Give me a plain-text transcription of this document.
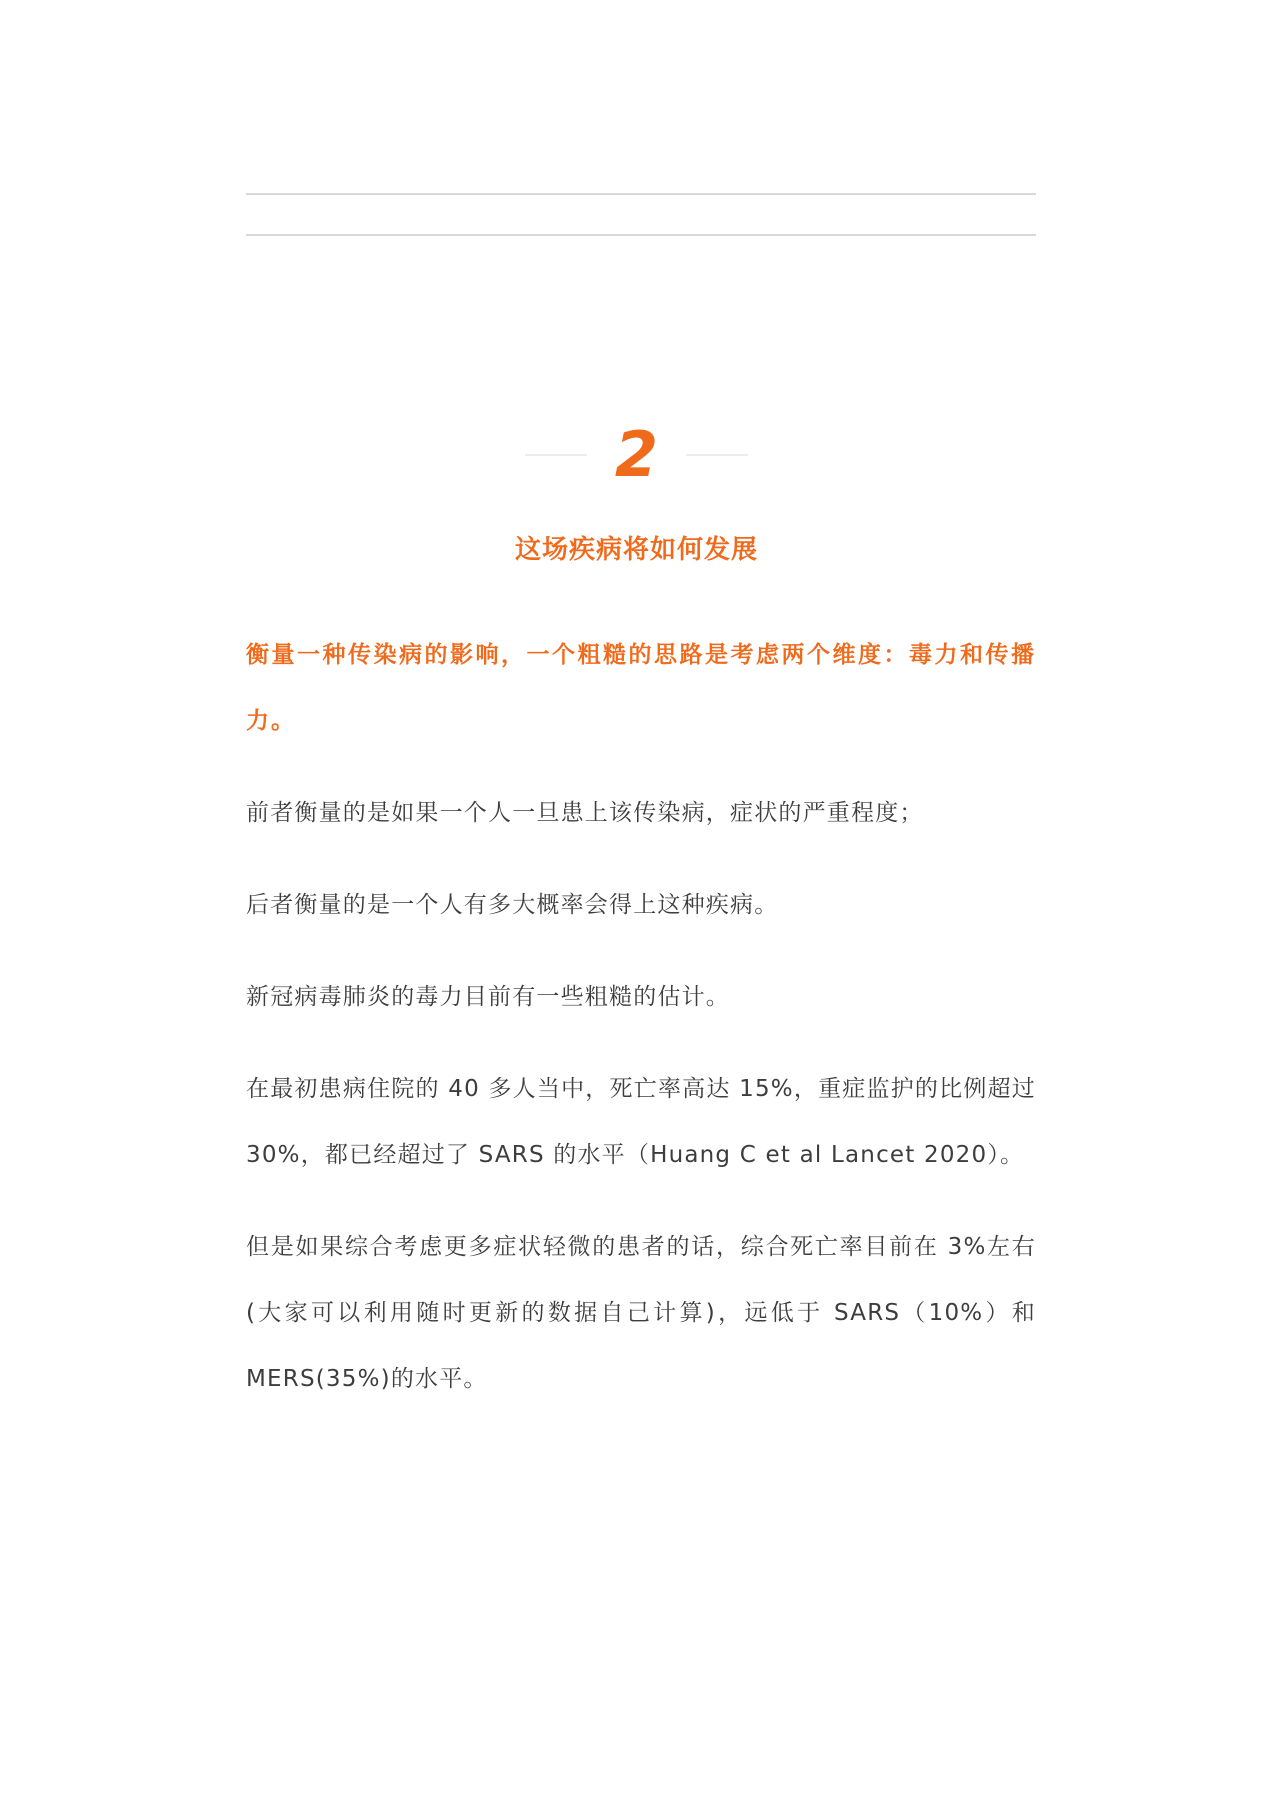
2
这场疾病将如何发展

衡量一种传染病的影响，一个粗糙的思路是考虑两个维度：毒力和传播力。

前者衡量的是如果一个人一旦患上该传染病，症状的严重程度；

后者衡量的是一个人有多大概率会得上这种疾病。

新冠病毒肺炎的毒力目前有一些粗糙的估计。

在最初患病住院的 40 多人当中，死亡率高达 15%，重症监护的比例超过 30%，都已经超过了 SARS 的水平（Huang C et al Lancet 2020）。

但是如果综合考虑更多症状轻微的患者的话，综合死亡率目前在 3%左右(大家可以利用随时更新的数据自己计算)，远低于 SARS（10%）和 MERS(35%)的水平。
